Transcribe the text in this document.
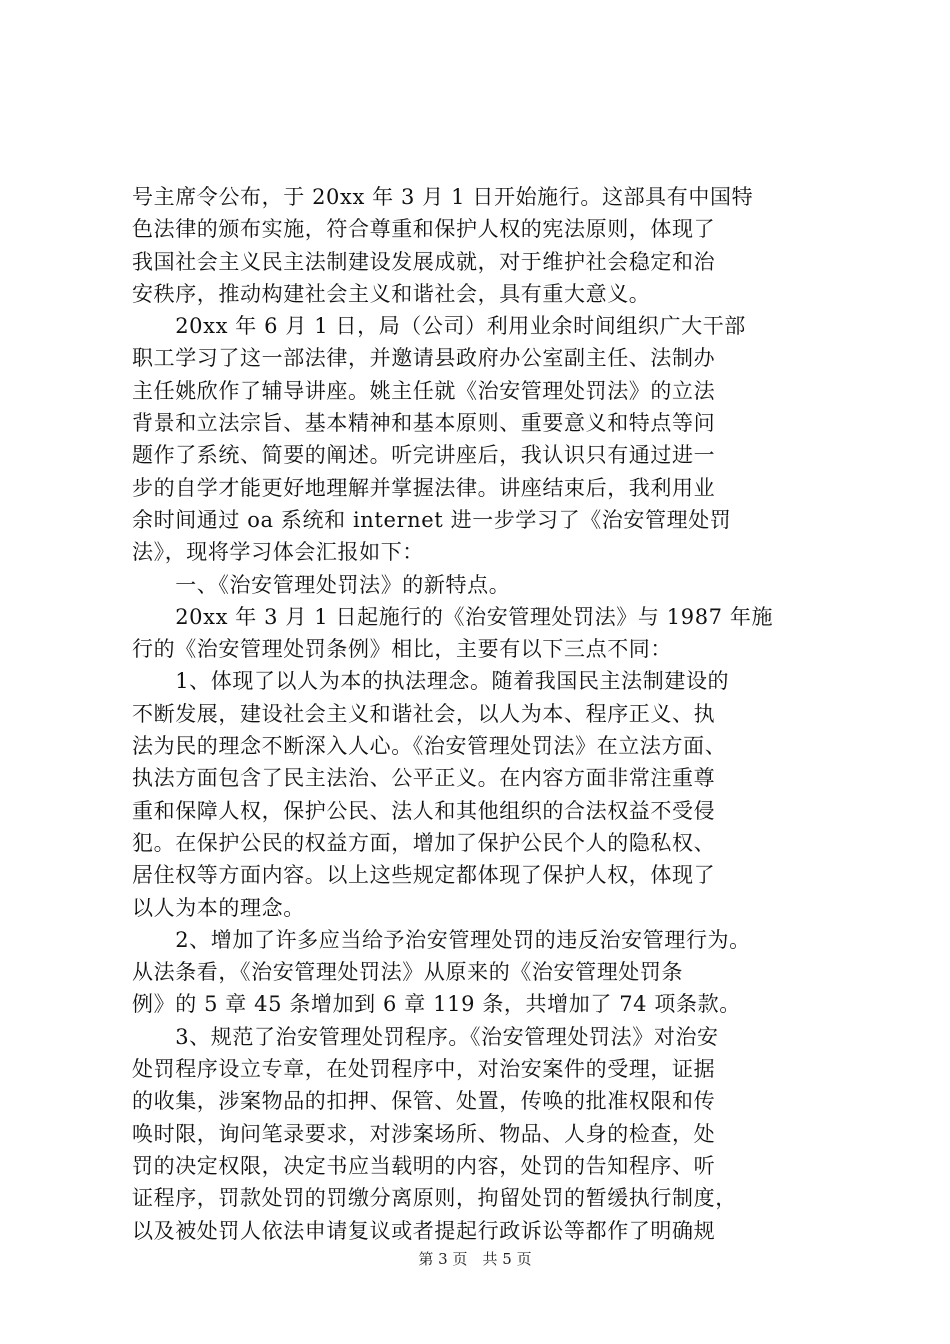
号主席令公布，于 20xx 年 3 月 1 日开始施行。这部具有中国特
色法律的颁布实施，符合尊重和保护人权的宪法原则，体现了
我国社会主义民主法制建设发展成就，对于维护社会稳定和治
安秩序，推动构建社会主义和谐社会，具有重大意义。
　　20xx 年 6 月 1 日，局（公司）利用业余时间组织广大干部
职工学习了这一部法律，并邀请县政府办公室副主任、法制办
主任姚欣作了辅导讲座。姚主任就《治安管理处罚法》的立法
背景和立法宗旨、基本精神和基本原则、重要意义和特点等问
题作了系统、简要的阐述。听完讲座后，我认识只有通过进一
步的自学才能更好地理解并掌握法律。讲座结束后，我利用业
余时间通过 oa 系统和 internet 进一步学习了《治安管理处罚
法》，现将学习体会汇报如下：
　　一、《治安管理处罚法》的新特点。
　　20xx 年 3 月 1 日起施行的《治安管理处罚法》与 1987 年施
行的《治安管理处罚条例》相比，主要有以下三点不同：
　　1、体现了以人为本的执法理念。随着我国民主法制建设的
不断发展，建设社会主义和谐社会，以人为本、程序正义、执
法为民的理念不断深入人心。《治安管理处罚法》在立法方面、
执法方面包含了民主法治、公平正义。在内容方面非常注重尊
重和保障人权，保护公民、法人和其他组织的合法权益不受侵
犯。在保护公民的权益方面，增加了保护公民个人的隐私权、
居住权等方面内容。以上这些规定都体现了保护人权，体现了
以人为本的理念。
　　2、增加了许多应当给予治安管理处罚的违反治安管理行为。
从法条看，《治安管理处罚法》从原来的《治安管理处罚条
例》的 5 章 45 条增加到 6 章 119 条，共增加了 74 项条款。
　　3、规范了治安管理处罚程序。《治安管理处罚法》对治安
处罚程序设立专章，在处罚程序中，对治安案件的受理，证据
的收集，涉案物品的扣押、保管、处置，传唤的批准权限和传
唤时限，询问笔录要求，对涉案场所、物品、人身的检查，处
罚的决定权限，决定书应当载明的内容，处罚的告知程序、听
证程序，罚款处罚的罚缴分离原则，拘留处罚的暂缓执行制度，
以及被处罚人依法申请复议或者提起行政诉讼等都作了明确规
第 3 页　共 5 页
